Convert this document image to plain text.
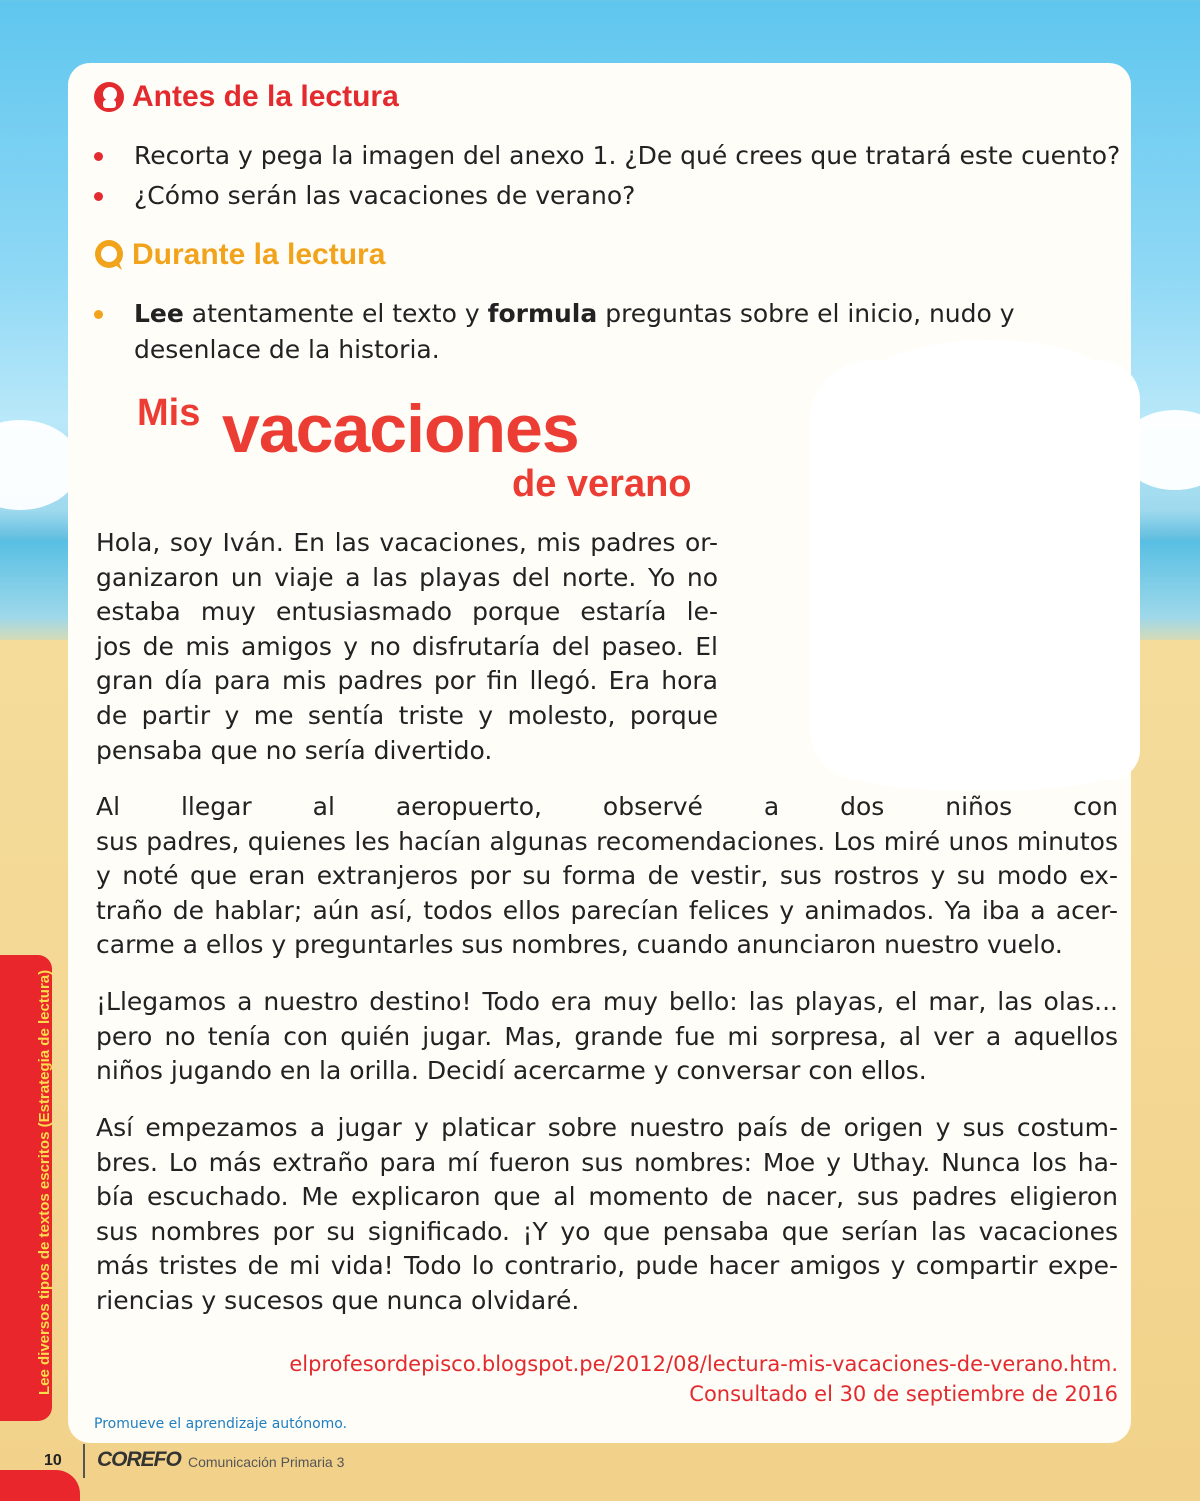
Antes de la lectura
Recorta y pega la imagen del anexo 1. ¿De qué crees que tratará este cuento?
¿Cómo serán las vacaciones de verano?
Durante la lectura
Lee atentamente el texto y formula preguntas sobre el inicio, nudo y
desenlace de la historia.
Mis vacaciones
de verano
Hola, soy Iván. En las vacaciones, mis padres or-
ganizaron un viaje a las playas del norte. Yo no
estaba muy entusiasmado porque estaría le-
jos de mis amigos y no disfrutaría del paseo. El
gran día para mis padres por fin llegó. Era hora
de partir y me sentía triste y molesto, porque
pensaba que no sería divertido.
Al llegar al aeropuerto, observé a dos niños con
sus padres, quienes les hacían algunas recomendaciones. Los miré unos minutos
y noté que eran extranjeros por su forma de vestir, sus rostros y su modo ex-
traño de hablar; aún así, todos ellos parecían felices y animados. Ya iba a acer-
carme a ellos y preguntarles sus nombres, cuando anunciaron nuestro vuelo.
¡Llegamos a nuestro destino! Todo era muy bello: las playas, el mar, las olas...
pero no tenía con quién jugar. Mas, grande fue mi sorpresa, al ver a aquellos
niños jugando en la orilla. Decidí acercarme y conversar con ellos.
Así empezamos a jugar y platicar sobre nuestro país de origen y sus costum-
bres. Lo más extraño para mí fueron sus nombres: Moe y Uthay. Nunca los ha-
bía escuchado. Me explicaron que al momento de nacer, sus padres eligieron
sus nombres por su significado. ¡Y yo que pensaba que serían las vacaciones
más tristes de mi vida! Todo lo contrario, pude hacer amigos y compartir expe-
riencias y sucesos que nunca olvidaré.
elprofesordepisco.blogspot.pe/2012/08/lectura-mis-vacaciones-de-verano.htm.
Consultado el 30 de septiembre de 2016
Promueve el aprendizaje autónomo.
Lee diversos tipos de textos escritos (Estrategia de lectura)
10 COREFO Comunicación Primaria 3
